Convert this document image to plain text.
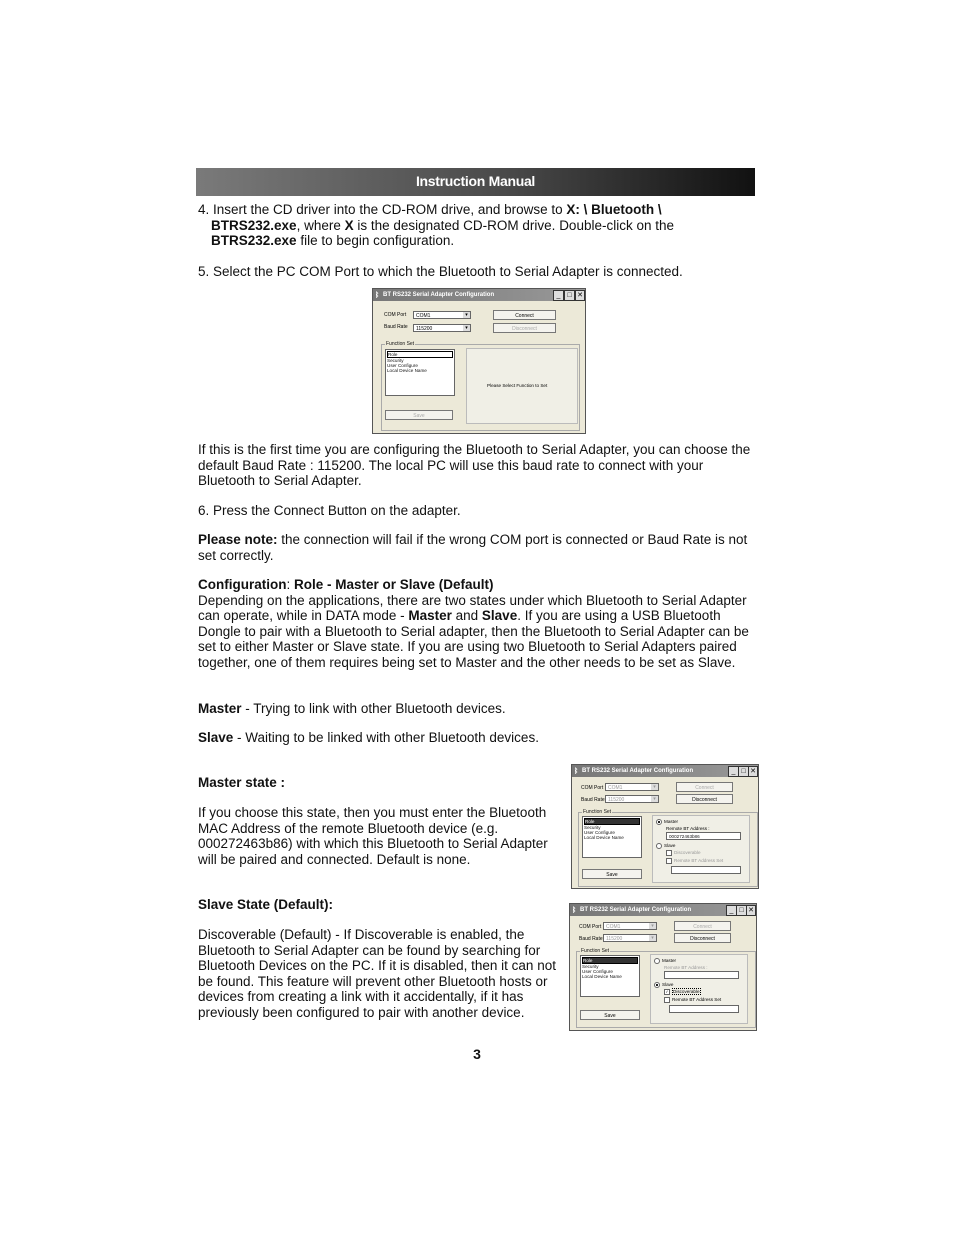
Instruction Manual

4. Insert the CD driver into the CD-ROM drive, and browse to X: \ Bluetooth \
BTRS232.exe, where X is the designated CD-ROM drive. Double-click on the
BTRS232.exe file to begin configuration.

5. Select the PC COM Port to which the Bluetooth to Serial Adapter is connected.

ᛒ BT RS232 Serial Adapter Configuration	_ □ ✕
COM Port	COM1 ▾
Baud Rate	115200 ▾
Connect
Disconnect
Function Set
Role
Security
User Configure
Local Device Name
Please Select Function to Set
Save

If this is the first time you are configuring the Bluetooth to Serial Adapter, you can choose the default Baud Rate : 115200. The local PC will use this baud rate to connect with your Bluetooth to Serial Adapter.

6. Press the Connect Button on the adapter.

Please note: the connection will fail if the wrong COM port is connected or Baud Rate is not set correctly.

Configuration: Role - Master or Slave (Default)
Depending on the applications, there are two states under which Bluetooth to Serial Adapter can operate, while in DATA mode - Master and Slave. If you are using a USB Bluetooth Dongle to pair with a Bluetooth to Serial adapter, then the Bluetooth to Serial Adapter can be set to either Master or Slave state. If you are using two Bluetooth to Serial Adapters paired together, one of them requires being set to Master and the other needs to be set as Slave.

Master - Trying to link with other Bluetooth devices.

Slave - Waiting to be linked with other Bluetooth devices.

Master state :

If you choose this state, then you must enter the Bluetooth MAC Address of the remote Bluetooth device (e.g. 000272463b86) with which this Bluetooth to Serial Adapter will be paired and connected. Default is none.

ᛒ BT RS232 Serial Adapter Configuration	_ □ ✕
COM Port COM1 ▾
Baud Rate 115200 ▾
Connect
Disconnect
Function Set
Role
Security
User Configure
Local Device Name
Master
Remote BT Address :
000272463b86
Slave
Discoverable
Remote BT Address Set
Save

Slave State (Default):

Discoverable (Default) - If Discoverable is enabled, the Bluetooth to Serial Adapter can be found by searching for Bluetooth Devices on the PC. If it is disabled, then it can not be found. This feature will prevent other Bluetooth hosts or devices from creating a link with it accidentally, if it has previously been configured to pair with another device.

ᛒ BT RS232 Serial Adapter Configuration	_ □ ✕
COM Port COM1 ▾
Baud Rate 115200 ▾
Connect
Disconnect
Function Set
Role
Security
User Configure
Local Device Name
Master
Remote BT Address :
Slave
✓ Discoverable
Remote BT Address Set
Save
3
